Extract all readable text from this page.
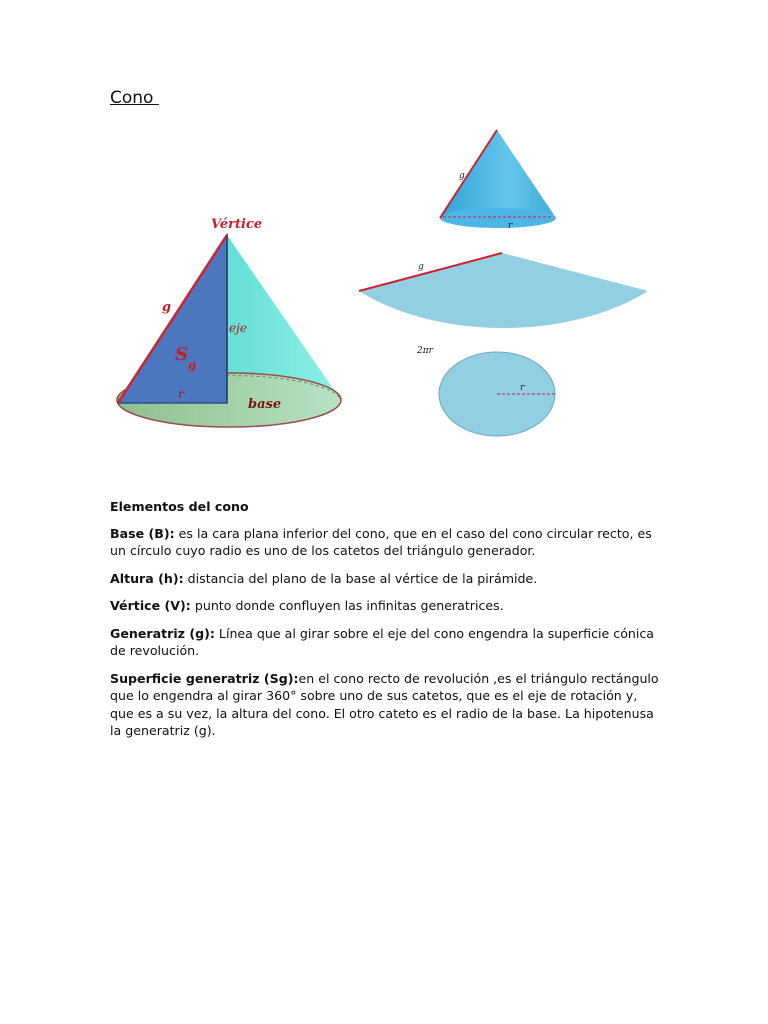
Cono
Vértice
g
eje
S g
r
base
g
r
g
2πr
r
Elementos del cono

Base (B): es la cara plana inferior del cono, que en el caso del cono circular recto, es un círculo cuyo radio es uno de los catetos del triángulo generador.

Altura (h): distancia del plano de la base al vértice de la pirámide.

Vértice (V): punto donde confluyen las infinitas generatrices.

Generatriz (g): Línea que al girar sobre el eje del cono engendra la superficie cónica de revolución.

Superficie generatriz (Sg):en el cono recto de revolución ,es el triángulo rectángulo que lo engendra al girar 360° sobre uno de sus catetos, que es el eje de rotación y, que es a su vez, la altura del cono. El otro cateto es el radio de la base. La hipotenusa la generatriz (g).
